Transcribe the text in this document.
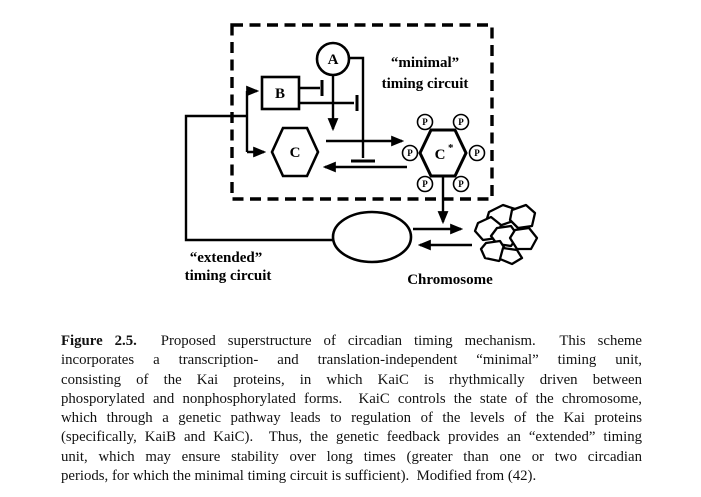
A
B
C	C *
P	P
P	P
P	P
“minimal”
timing circuit
“extended”
timing circuit	Chromosome
Figure 2.5.  Proposed superstructure of circadian timing mechanism.  This scheme
incorporates a transcription- and translation-independent “minimal” timing unit,
consisting of the Kai proteins, in which KaiC is rhythmically driven between
phosporylated and nonphosphorylated forms.  KaiC controls the state of the chromosome,
which through a genetic pathway leads to regulation of the levels of the Kai proteins
(specifically, KaiB and KaiC).  Thus, the genetic feedback provides an “extended” timing
unit, which may ensure stability over long times (greater than one or two circadian
periods, for which the minimal timing circuit is sufficient).  Modified from (42).
